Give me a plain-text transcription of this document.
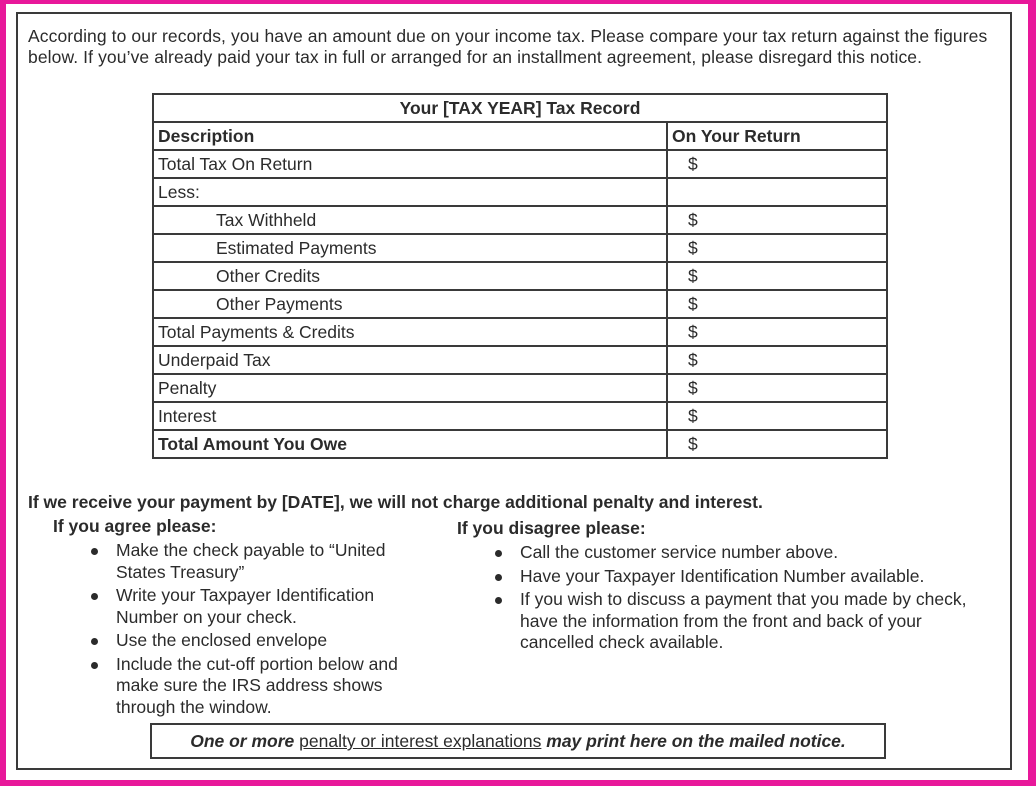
According to our records, you have an amount due on your income tax. Please compare your tax return against the figures below. If you’ve already paid your tax in full or arranged for an installment agreement, please disregard this notice.
Your [TAX YEAR] Tax Record	
Description	On Your Return
Total Tax On Return	$
Less:	
Tax Withheld	$
Estimated Payments	$
Other Credits	$
Other Payments	$
Total Payments & Credits	$
Underpaid Tax	$
Penalty	$
Interest	$
Total Amount You Owe	$
If we receive your payment by [DATE], we will not charge additional penalty and interest.
If you agree please:
Make the check payable to “United States Treasury”
Write your Taxpayer Identification Number on your check.
Use the enclosed envelope
Include the cut-off portion below and make sure the IRS address shows through the window.
If you disagree please:
Call the customer service number above.
Have your Taxpayer Identification Number available.
If you wish to discuss a payment that you made by check, have the information from the front and back of your cancelled check available.
One or more penalty or interest explanations may print here on the mailed notice.
